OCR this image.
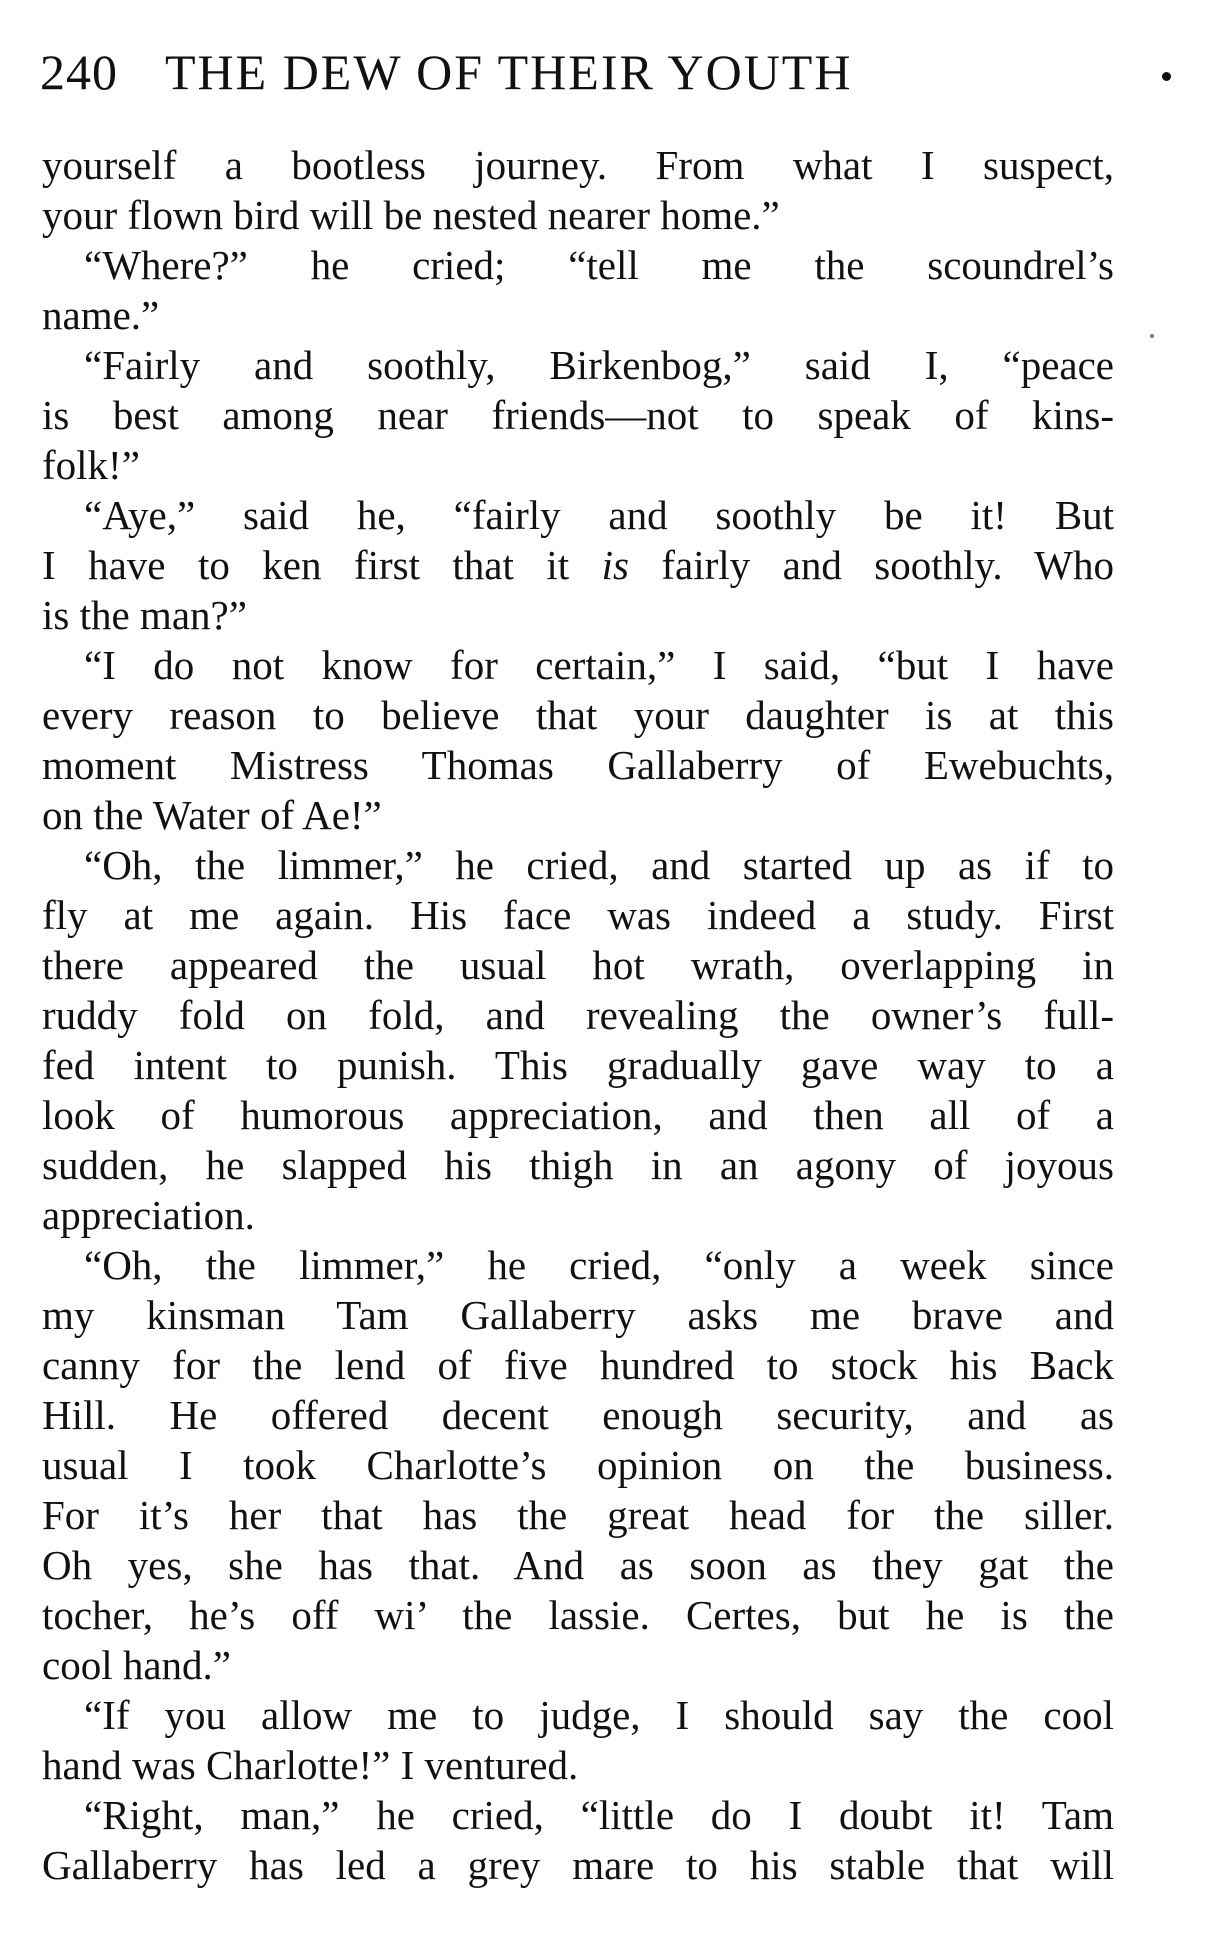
240 THE DEW OF THEIR YOUTH
yourself a bootless journey. From what I suspect,
your flown bird will be nested nearer home.”
“Where?” he cried; “tell me the scoundrel’s
name.”
“Fairly and soothly, Birkenbog,” said I, “peace
is best among near friends—not to speak of kins-
folk!”
“Aye,” said he, “fairly and soothly be it! But
I have to ken first that it is fairly and soothly. Who
is the man?”
“I do not know for certain,” I said, “but I have
every reason to believe that your daughter is at this
moment Mistress Thomas Gallaberry of Ewebuchts,
on the Water of Ae!”
“Oh, the limmer,” he cried, and started up as if to
fly at me again. His face was indeed a study. First
there appeared the usual hot wrath, overlapping in
ruddy fold on fold, and revealing the owner’s full-
fed intent to punish. This gradually gave way to a
look of humorous appreciation, and then all of a
sudden, he slapped his thigh in an agony of joyous
appreciation.
“Oh, the limmer,” he cried, “only a week since
my kinsman Tam Gallaberry asks me brave and
canny for the lend of five hundred to stock his Back
Hill. He offered decent enough security, and as
usual I took Charlotte’s opinion on the business.
For it’s her that has the great head for the siller.
Oh yes, she has that. And as soon as they gat the
tocher, he’s off wi’ the lassie. Certes, but he is the
cool hand.”
“If you allow me to judge, I should say the cool
hand was Charlotte!” I ventured.
“Right, man,” he cried, “little do I doubt it! Tam
Gallaberry has led a grey mare to his stable that will
